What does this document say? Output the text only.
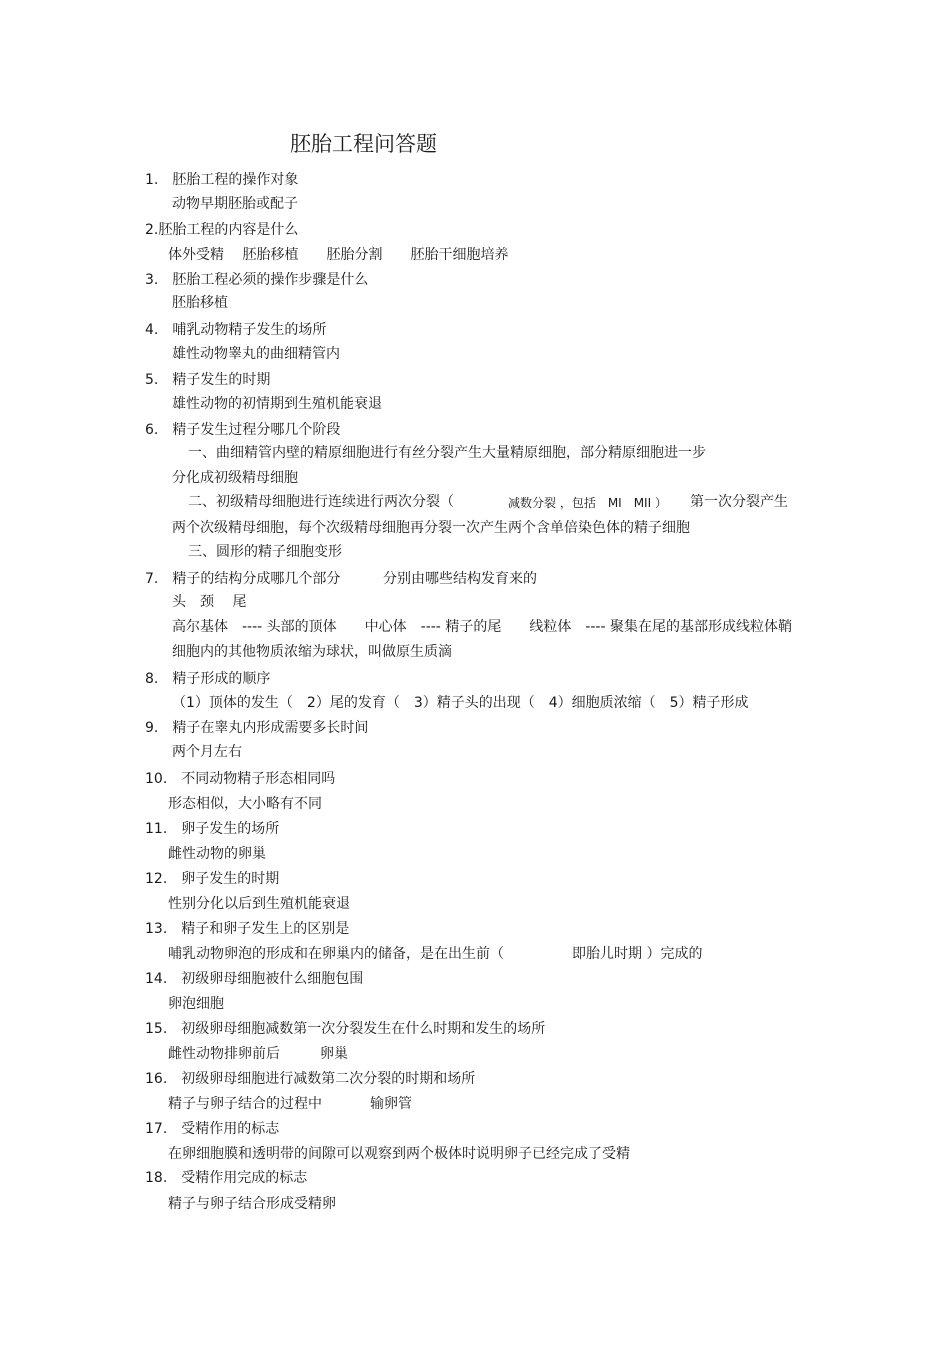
胚胎工程问答题
1.　胚胎工程的操作对象
动物早期胚胎或配子
2.胚胎工程的内容是什么
体外受精　 胚胎移植　　胚胎分割　　胚胎干细胞培养
3.　胚胎工程必须的操作步骤是什么
胚胎移植
4.　哺乳动物精子发生的场所
雄性动物睾丸的曲细精管内
5.　精子发生的时期
雄性动物的初情期到生殖机能衰退
6.　精子发生过程分哪几个阶段
一、曲细精管内壁的精原细胞进行有丝分裂产生大量精原细胞，部分精原细胞进一步
分化成初级精母细胞
二、初级精母细胞进行连续进行两次分裂（	减数分裂 ，包括　MI　MII ） 第一次分裂产生
两个次级精母细胞，每个次级精母细胞再分裂一次产生两个含单倍染色体的精子细胞
三、圆形的精子细胞变形
7.　精子的结构分成哪几个部分	分别由哪些结构发育来的
头　颈　 尾
高尔基体　---- 头部的顶体　　中心体　---- 精子的尾　　线粒体　---- 聚集在尾的基部形成线粒体鞘
细胞内的其他物质浓缩为球状，叫做原生质滴
8.　精子形成的顺序
（1）顶体的发生（　2）尾的发育（　3）精子头的出现（　4）细胞质浓缩（　5）精子形成
9.　精子在睾丸内形成需要多长时间
两个月左右
10.　不同动物精子形态相同吗
形态相似，大小略有不同
11.　卵子发生的场所
雌性动物的卵巢
12.　卵子发生的时期
性别分化以后到生殖机能衰退
13.　精子和卵子发生上的区别是
哺乳动物卵泡的形成和在卵巢内的储备，是在出生前（	即胎儿时期 ）完成的
14.　初级卵母细胞被什么细胞包围
卵泡细胞
15.　初级卵母细胞减数第一次分裂发生在什么时期和发生的场所
雌性动物排卵前后	卵巢
16.　初级卵母细胞进行减数第二次分裂的时期和场所
精子与卵子结合的过程中	输卵管
17.　受精作用的标志
在卵细胞膜和透明带的间隙可以观察到两个极体时说明卵子已经完成了受精
18.　受精作用完成的标志
精子与卵子结合形成受精卵
